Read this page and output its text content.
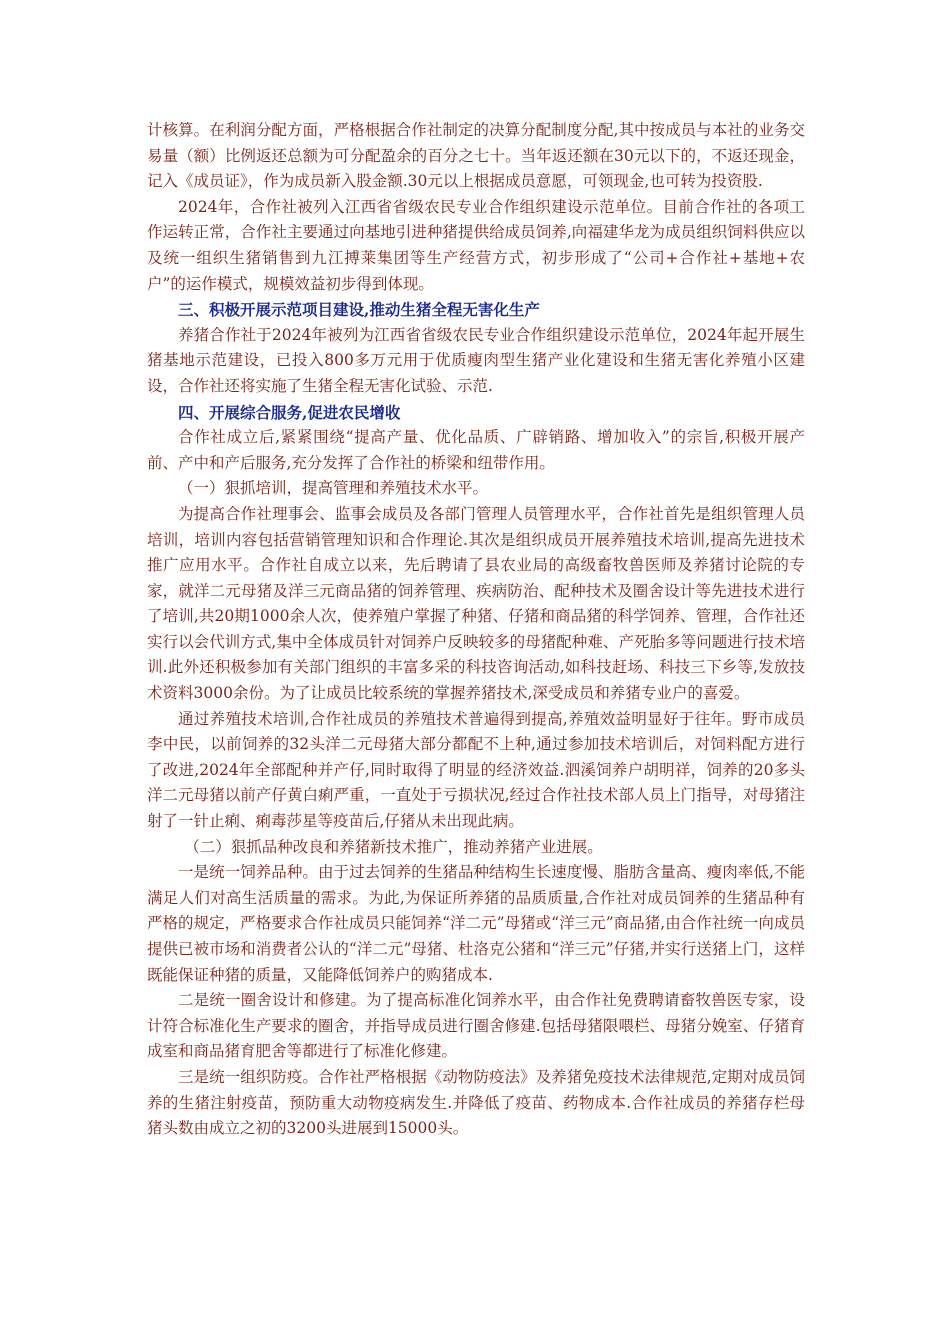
计核算。在利润分配方面，严格根据合作社制定的决算分配制度分配,其中按成员与本社的业务交易量（额）比例返还总额为可分配盈余的百分之七十。当年返还额在30元以下的，不返还现金，记入《成员证》，作为成员新入股金额.30元以上根据成员意愿，可领现金,也可转为投资股.

2024年，合作社被列入江西省省级农民专业合作组织建设示范单位。目前合作社的各项工作运转正常，合作社主要通过向基地引进种猪提供给成员饲养,向福建华龙为成员组织饲料供应以及统一组织生猪销售到九江搏莱集团等生产经营方式，初步形成了“公司+合作社+基地+农户”的运作模式，规模效益初步得到体现。

三、积极开展示范项目建设,推动生猪全程无害化生产

养猪合作社于2024年被列为江西省省级农民专业合作组织建设示范单位，2024年起开展生猪基地示范建设，已投入800多万元用于优质瘦肉型生猪产业化建设和生猪无害化养殖小区建设，合作社还将实施了生猪全程无害化试验、示范.

四、开展综合服务,促进农民增收

合作社成立后,紧紧围绕“提高产量、优化品质、广辟销路、增加收入”的宗旨,积极开展产前、产中和产后服务,充分发挥了合作社的桥梁和纽带作用。

（一）狠抓培训，提高管理和养殖技术水平。

为提高合作社理事会、监事会成员及各部门管理人员管理水平，合作社首先是组织管理人员培训，培训内容包括营销管理知识和合作理论.其次是组织成员开展养殖技术培训,提高先进技术推广应用水平。合作社自成立以来，先后聘请了县农业局的高级畜牧兽医师及养猪讨论院的专家，就洋二元母猪及洋三元商品猪的饲养管理、疾病防治、配种技术及圈舍设计等先进技术进行了培训,共20期1000余人次，使养殖户掌握了种猪、仔猪和商品猪的科学饲养、管理，合作社还实行以会代训方式,集中全体成员针对饲养户反映较多的母猪配种难、产死胎多等问题进行技术培训.此外还积极参加有关部门组织的丰富多采的科技咨询活动,如科技赶场、科技三下乡等,发放技术资料3000余份。为了让成员比较系统的掌握养猪技术,深受成员和养猪专业户的喜爱。

通过养殖技术培训,合作社成员的养殖技术普遍得到提高,养殖效益明显好于往年。野市成员李中民，以前饲养的32头洋二元母猪大部分都配不上种,通过参加技术培训后，对饲料配方进行了改进,2024年全部配种并产仔,同时取得了明显的经济效益.泗溪饲养户胡明祥，饲养的20多头洋二元母猪以前产仔黄白痢严重，一直处于亏损状况,经过合作社技术部人员上门指导，对母猪注射了一针止痢、痢毒莎星等疫苗后,仔猪从未出现此病。

（二）狠抓品种改良和养猪新技术推广，推动养猪产业进展。

一是统一饲养品种。由于过去饲养的生猪品种结构生长速度慢、脂肪含量高、瘦肉率低,不能满足人们对高生活质量的需求。为此,为保证所养猪的品质质量,合作社对成员饲养的生猪品种有严格的规定，严格要求合作社成员只能饲养“洋二元”母猪或“洋三元”商品猪,由合作社统一向成员提供已被市场和消费者公认的“洋二元”母猪、杜洛克公猪和“洋三元”仔猪,并实行送猪上门，这样既能保证种猪的质量，又能降低饲养户的购猪成本.

二是统一圈舍设计和修建。为了提高标准化饲养水平，由合作社免费聘请畜牧兽医专家，设计符合标准化生产要求的圈舍，并指导成员进行圈舍修建.包括母猪限喂栏、母猪分娩室、仔猪育成室和商品猪育肥舍等都进行了标准化修建。

三是统一组织防疫。合作社严格根据《动物防疫法》及养猪免疫技术法律规范,定期对成员饲养的生猪注射疫苗，预防重大动物疫病发生.并降低了疫苗、药物成本.合作社成员的养猪存栏母猪头数由成立之初的3200头进展到15000头。
